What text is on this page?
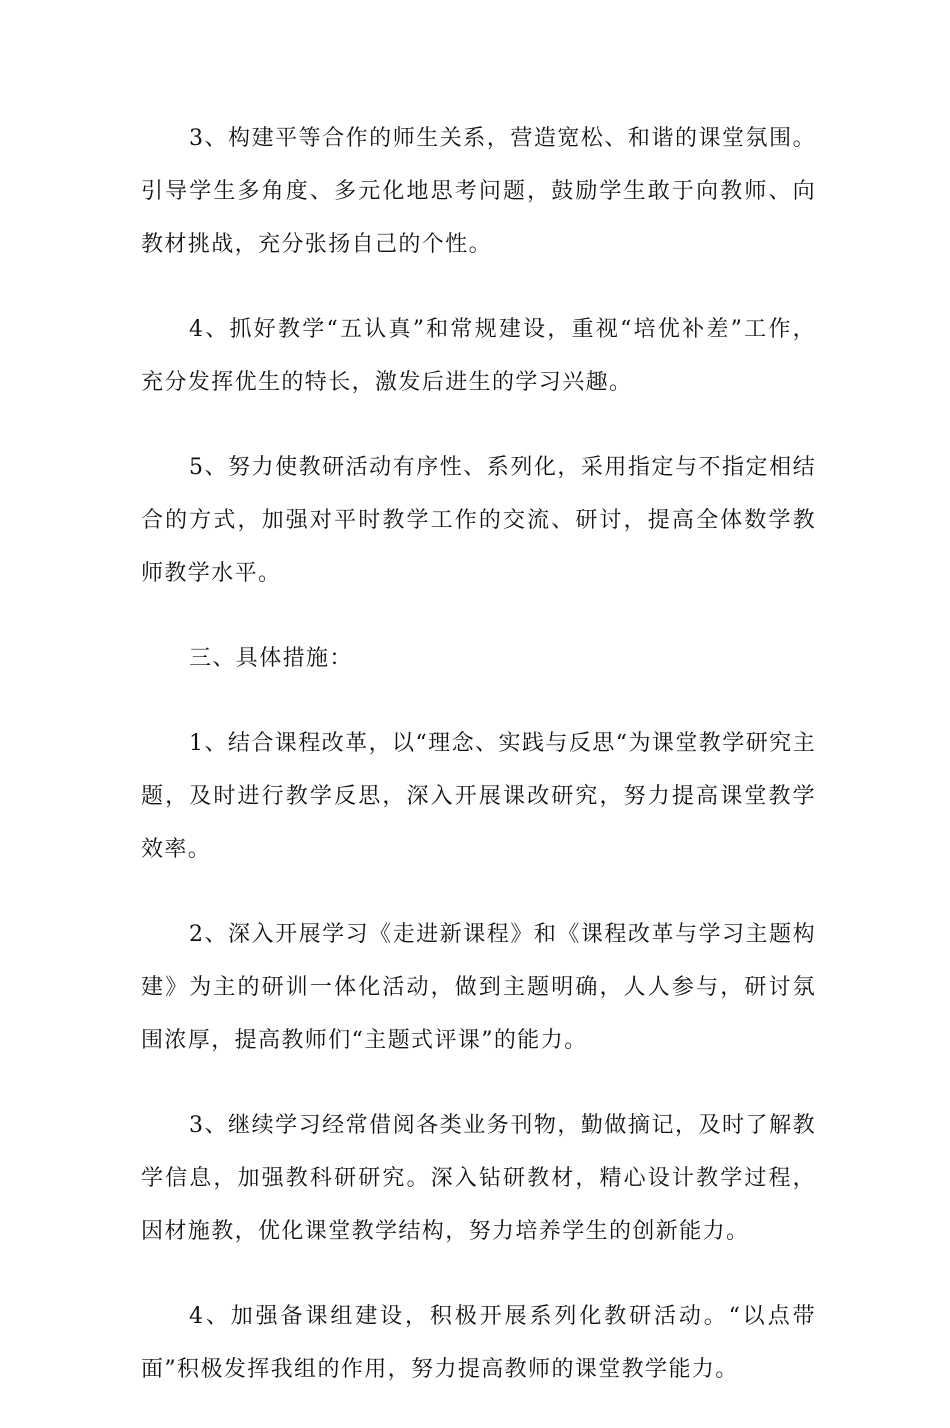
3、构建平等合作的师生关系，营造宽松、和谐的课堂氛围。引导学生多角度、多元化地思考问题，鼓励学生敢于向教师、向教材挑战，充分张扬自己的个性。

4、抓好教学“五认真”和常规建设，重视“培优补差”工作，充分发挥优生的特长，激发后进生的学习兴趣。

5、努力使教研活动有序性、系列化，采用指定与不指定相结合的方式，加强对平时教学工作的交流、研讨，提高全体数学教师教学水平。

三、具体措施：

1、结合课程改革，以“理念、实践与反思“为课堂教学研究主题，及时进行教学反思，深入开展课改研究，努力提高课堂教学效率。

2、深入开展学习《走进新课程》和《课程改革与学习主题构建》为主的研训一体化活动，做到主题明确，人人参与，研讨氛围浓厚，提高教师们“主题式评课”的能力。

3、继续学习经常借阅各类业务刊物，勤做摘记，及时了解教学信息，加强教科研研究。深入钻研教材，精心设计教学过程，因材施教，优化课堂教学结构，努力培养学生的创新能力。

4、加强备课组建设，积极开展系列化教研活动。“以点带面”积极发挥我组的作用，努力提高教师的课堂教学能力。
